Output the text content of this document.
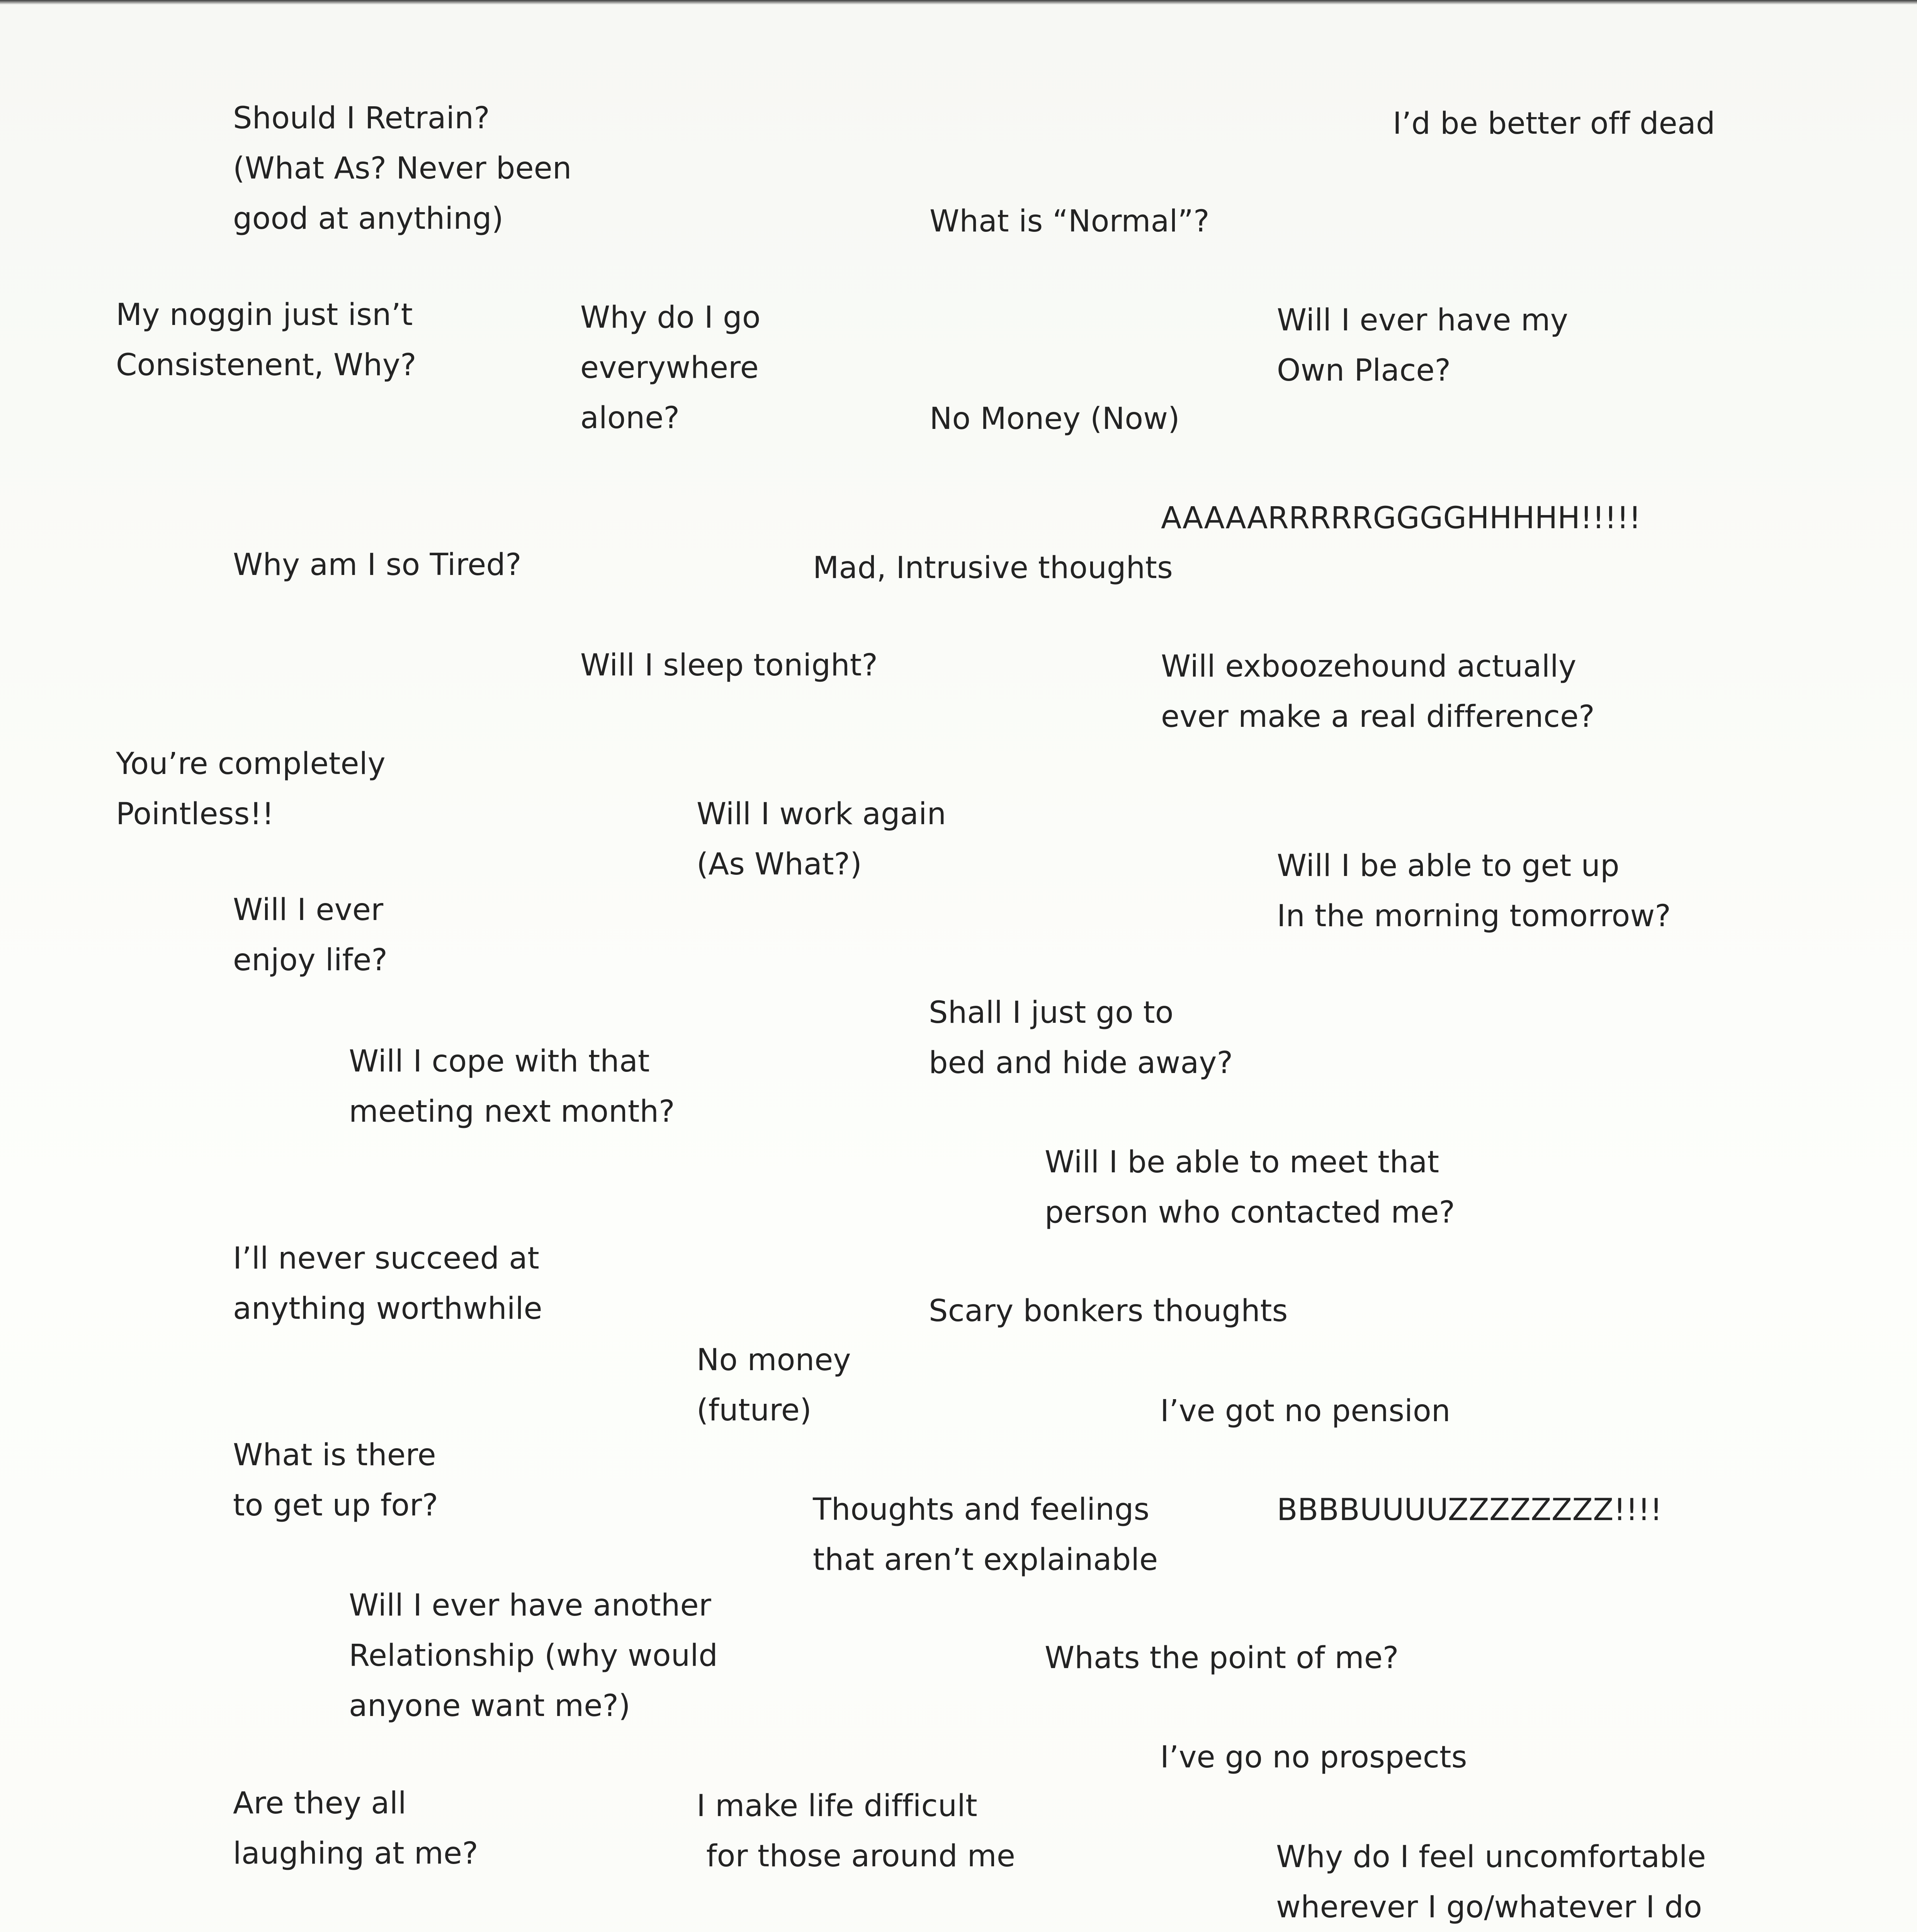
Should I Retrain?
(What As? Never been
good at anything)
I’d be better off dead
What is “Normal”?
My noggin just isn’t
Consistenent, Why?
Why do I go
everywhere
alone?
Will I ever have my
Own Place?
No Money (Now)
AAAAARRRRRGGGGHHHHH!!!!!
Why am I so Tired?	Mad, Intrusive thoughts
Will I sleep tonight?	Will exboozehound actually
ever make a real difference?
You’re completely
Pointless!!	Will I work again
(As What?)	Will I be able to get up
In the morning tomorrow?
Will I ever
enjoy life?
Shall I just go to
bed and hide away?
Will I cope with that
meeting next month?
Will I be able to meet that
person who contacted me?
I’ll never succeed at
anything worthwhile	Scary bonkers thoughts
No money
(future)	I’ve got no pension
What is there
to get up for?	Thoughts and feelings
that aren’t explainable
BBBBUUUUZZZZZZZZ!!!!
Will I ever have another
Relationship (why would
anyone want me?)
Whats the point of me?
I’ve go no prospects
Are they all
laughing at me?
I make life difficult
for those around me	Why do I feel uncomfortable
wherever I go/whatever I do
